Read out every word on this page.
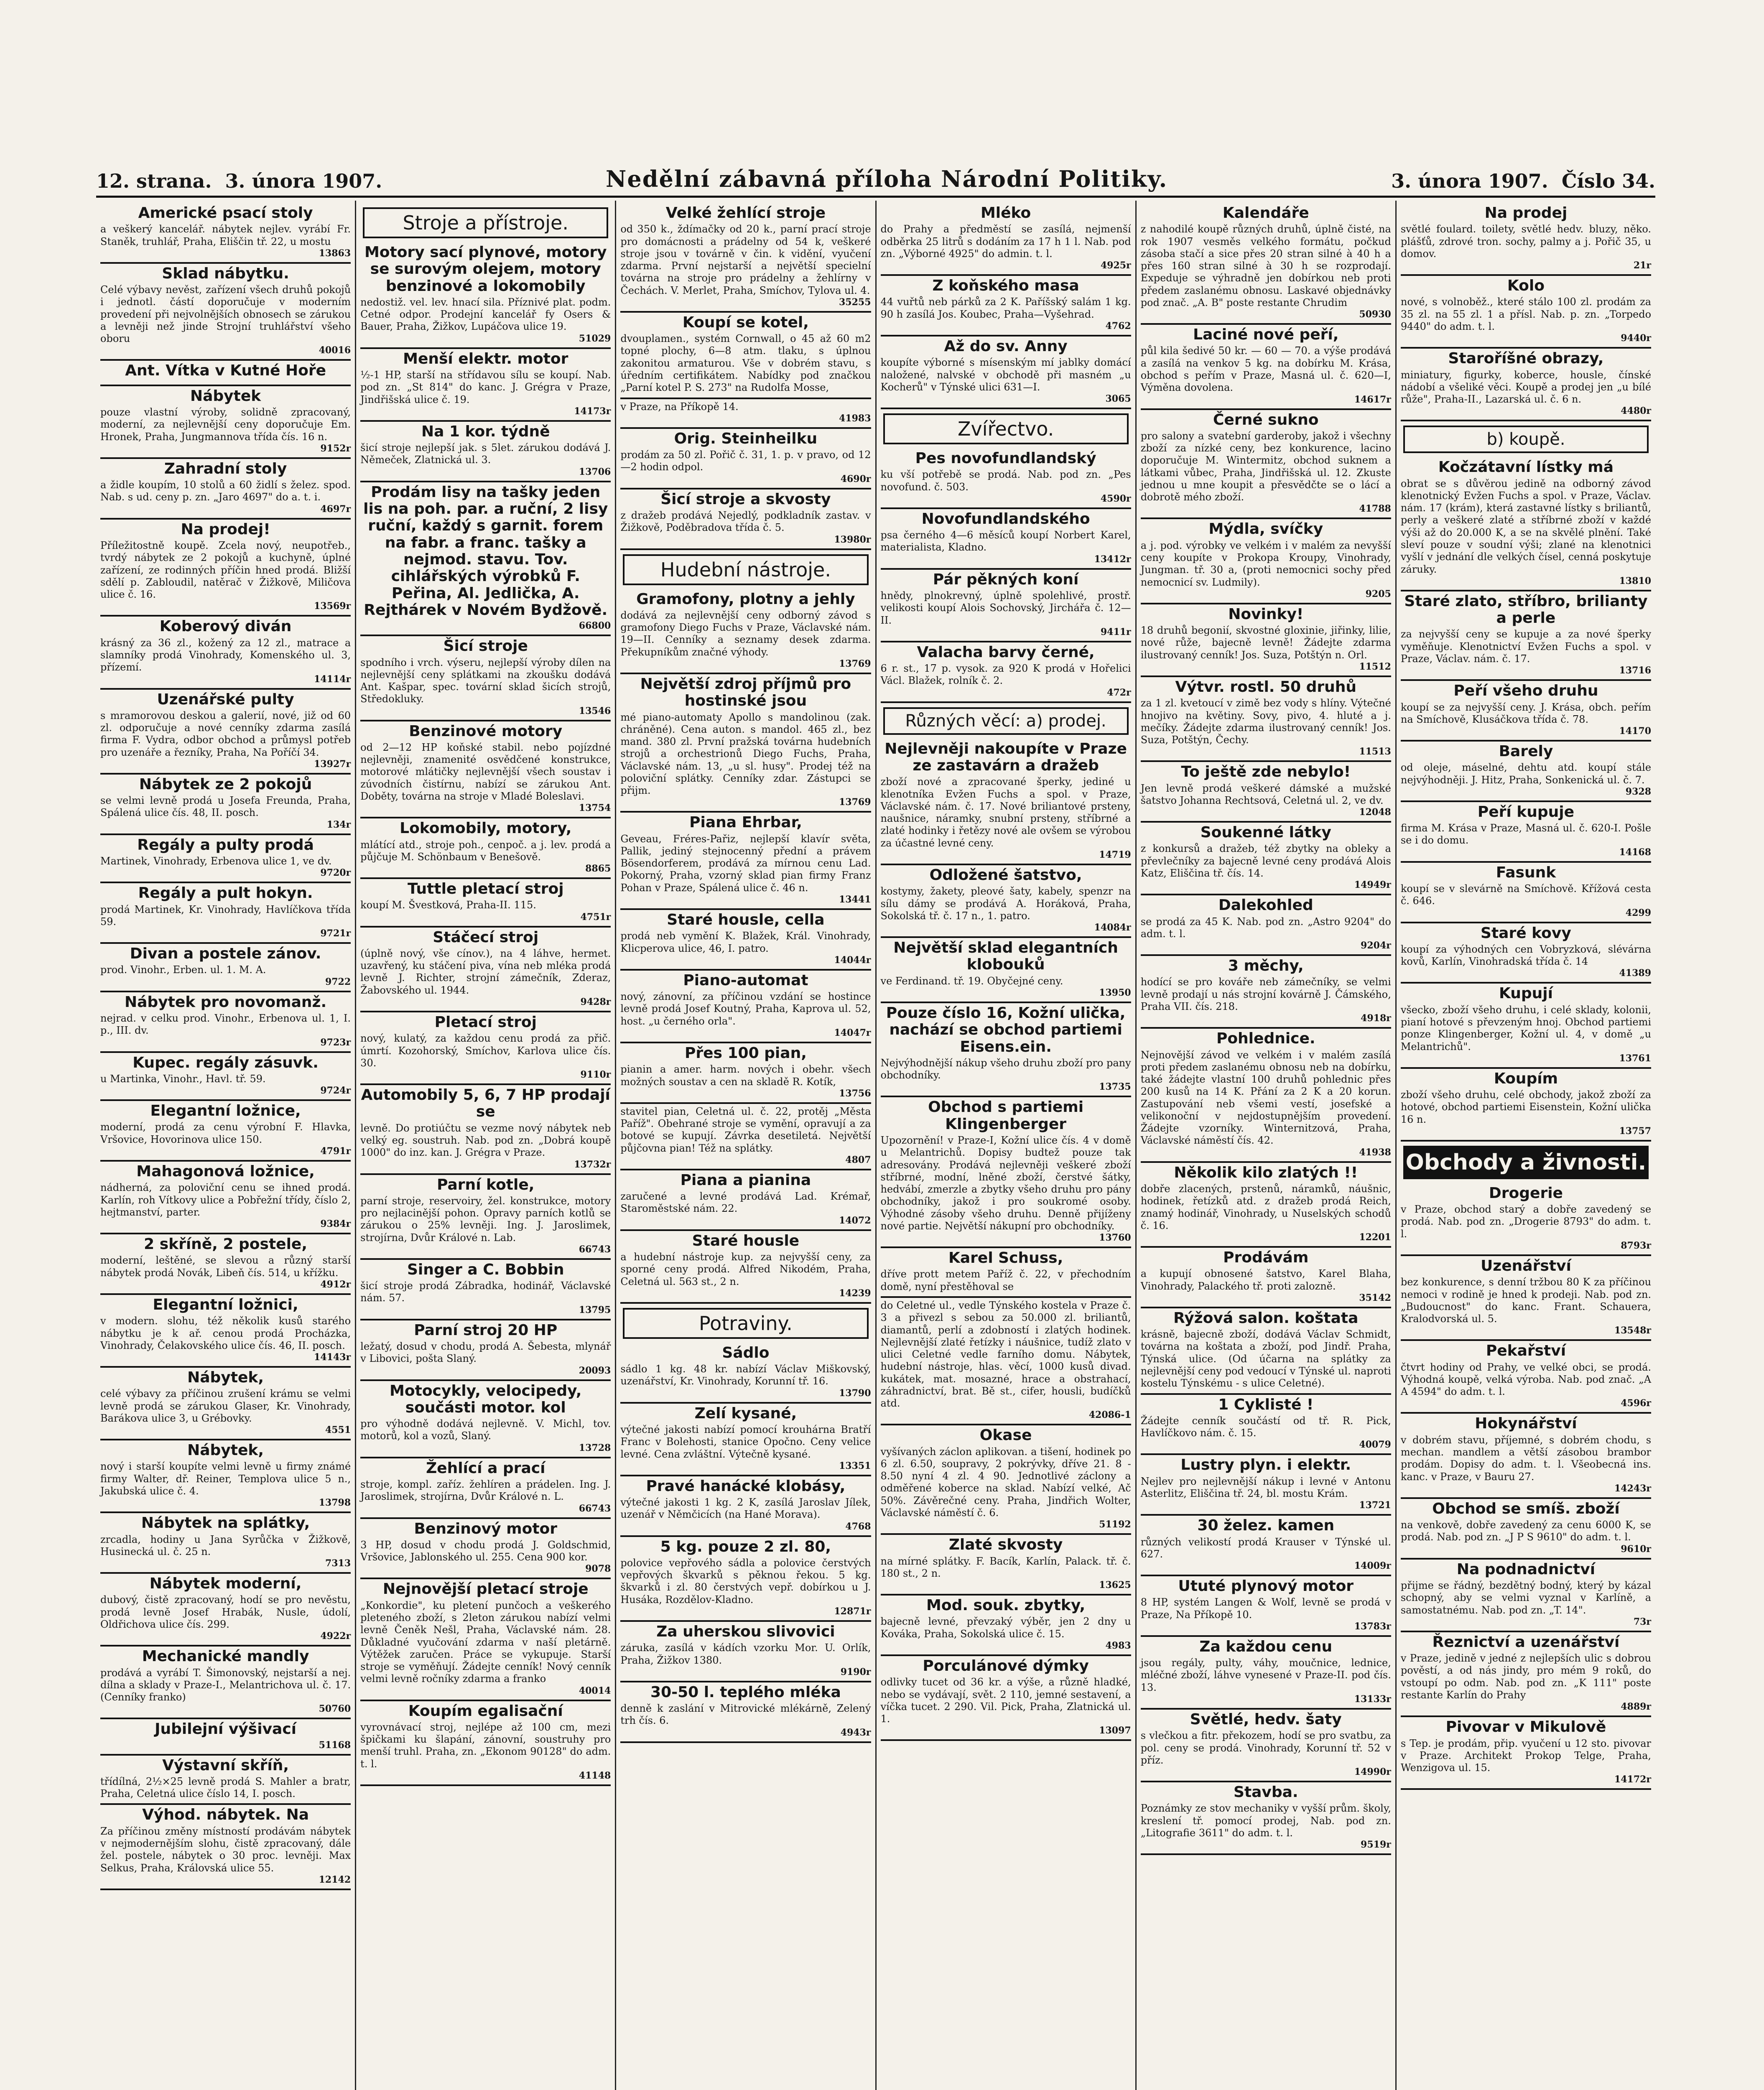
12. strana. 3. února 1907.	Nedělní zábavná příloha Národní Politiky.	3. února 1907. Číslo 34.
Americké psací stoly
a veškerý kancelář. nábytek nejlev. vyrábí Fr. Staněk, truhlář, Praha, Eliščin tř. 22, u mostu
13863
Sklad nábytku.
Celé výbavy nevěst, zařízení všech druhů pokojů i jednotl. částí doporučuje v moderním provedení při nejvolnějších obnosech se zárukou a levněji než jinde Strojní truhlářství všeho oboru
40016
Ant. Vítka v Kutné Hoře
Nábytek
pouze vlastní výroby, solidně zpracovaný, moderní, za nejlevnější ceny doporučuje Em. Hronek, Praha, Jungmannova třída čís. 16 n.
9152r
Zahradní stoly
a židle koupím, 10 stolů a 60 židlí s želez. spod. Nab. s ud. ceny p. zn. „Jaro 4697" do a. t. i.
4697r
Na prodej!
Příležitostně koupě. Zcela nový, neupotřeb., tvrdý nábytek ze 2 pokojů a kuchyně, úplné zařízení, ze rodinných příčin hned prodá. Bližší sdělí p. Zabloudil, natěrač v Žižkově, Miličova ulice č. 16.
13569r
Koberový diván
krásný za 36 zl., kožený za 12 zl., matrace a slamníky prodá Vinohrady, Komenského ul. 3, přízemí.
14114r
Uzenářské pulty
s mramorovou deskou a galerií, nové, již od 60 zl. odporučuje a nové cenníky zdarma zasílá firma F. Vydra, odbor obchod a průmysl potřeb pro uzenáře a řezníky, Praha, Na Poříčí 34.
13927r
Nábytek ze 2 pokojů
se velmi levně prodá u Josefa Freunda, Praha, Spálená ulice čís. 48, II. posch.
134r
Regály a pulty prodá
Martinek, Vinohrady, Erbenova ulice 1, ve dv.
9720r
Regály a pult hokyn.
prodá Martinek, Kr. Vinohrady, Havlíčkova třída 59.
9721r
Divan a postele zánov.
prod. Vinohr., Erben. ul. 1. M. A.
9722
Nábytek pro novomanž.
nejrad. v celku prod. Vinohr., Erbenova ul. 1, I. p., III. dv.
9723r
Kupec. regály zásuvk.
u Martinka, Vinohr., Havl. tř. 59.
9724r
Elegantní ložnice,
moderní, prodá za cenu výrobní F. Hlavka, Vršovice, Hovorinova ulice 150.
4791r
Mahagonová ložnice,
nádherná, za poloviční cenu se ihned prodá. Karlín, roh Vítkovy ulice a Pobřežní třídy, číslo 2, hejtmanství, parter.
9384r
2 skříně, 2 postele,
moderní, leštěné, se slevou a různý starší nábytek prodá Novák, Libeň čís. 514, u křížku.
4912r
Elegantní ložnici,
v modern. slohu, též několik kusů starého nábytku je k ař. cenou prodá Procházka, Vinohrady, Čelakovského ulice čís. 46, II. posch.
14143r
Nábytek,
celé výbavy za příčinou zrušení krámu se velmi levně prodá se zárukou Glaser, Kr. Vinohrady, Barákova ulice 3, u Grébovky.
4551
Nábytek,
nový i starší koupíte velmi levně u firmy známé firmy Walter, dř. Reiner, Templova ulice 5 n., Jakubská ulice č. 4.
13798
Nábytek na splátky,
zrcadla, hodiny u Jana Syrůčka v Žižkově, Husinecká ul. č. 25 n.
7313
Nábytek moderní,
dubový, čistě zpracovaný, hodí se pro nevěstu, prodá levně Josef Hrabák, Nusle, údolí, Oldřichova ulice čís. 299.
4922r
Mechanické mandly
prodává a vyrábí T. Šimonovský, nejstarší a nej. dílna a sklady v Praze-I., Melantrichova ul. č. 17. (Cenníky franko)
50760
Jubilejní výšivací
51168
Výstavní skříň,
třídílná, 2½×25 levně prodá S. Mahler a bratr, Praha, Celetná ulice číslo 14, I. posch.
Výhod. nábytek. Na
Za příčinou změny místností prodávám nábytek v nejmodernějším slohu, čistě zpracovaný, dále žel. postele, nábytek o 30 proc. levněji. Max Selkus, Praha, Královská ulice 55.
12142
Stroje a přístroje.
Motory sací plynové, motory se surovým olejem, motory benzinové a lokomobily
nedostiž. vel. lev. hnací sila. Příznivé plat. podm. Cetné odpor. Prodejní kancelář fy Osers & Bauer, Praha, Žižkov, Lupáčova ulice 19.
51029
Menší elektr. motor
½-1 HP, starší na střídavou sílu se koupí. Nab. pod zn. „St 814" do kanc. J. Grégra v Praze, Jindřišská ulice č. 19.
14173r
Na 1 kor. týdně
šicí stroje nejlepší jak. s 5let. zárukou dodává J. Němeček, Zlatnická ul. 3.
13706
Prodám lisy na tašky jeden lis na poh. par. a ruční, 2 lisy ruční, každý s garnit. forem na fabr. a franc. tašky a nejmod. stavu. Tov. cihlářských výrobků F. Peřina, Al. Jedlička, A. Rejthárek v Novém Bydžově.
66800
Šicí stroje
spodního i vrch. výseru, nejlepší výroby dílen na nejlevnější ceny splátkami na zkoušku dodává Ant. Kašpar, spec. tovární sklad šicích strojů, Středokluky.
13546
Benzinové motory
od 2—12 HP koňské stabil. nebo pojízdné nejlevněji, znamenité osvědčené konstrukce, motorové mlátičky nejlevnější všech soustav i zúvodních čistírnu, nabízí se zárukou Ant. Doběty, továrna na stroje v Mladé Boleslavi.
13754
Lokomobily, motory,
mlátící atd., stroje poh., cenpoč. a j. lev. prodá a půjčuje M. Schönbaum v Benešově.
8865
Tuttle pletací stroj
koupí M. Švestková, Praha-II. 115.
4751r
Stáčecí stroj
(úplně nový, vše cínov.), na 4 láhve, hermet. uzavřený, ku stáčení piva, vína neb mléka prodá levně J. Richter, strojní zámečník, Zderaz, Žabovského ul. 1944.
9428r
Pletací stroj
nový, kulatý, za každou cenu prodá za přič. úmrtí. Kozohorský, Smíchov, Karlova ulice čís. 30.
9110r
Automobily 5, 6, 7 HP prodají se
levně. Do protiúčtu se vezme nový nábytek neb velký eg. soustruh. Nab. pod zn. „Dobrá koupě 1000" do inz. kan. J. Grégra v Praze.
13732r
Parní kotle,
parní stroje, reservoiry, žel. konstrukce, motory pro nejlacinější pohon. Opravy parních kotlů se zárukou o 25% levněji. Ing. J. Jaroslimek, strojírna, Dvůr Králové n. Lab.
66743
Singer a C. Bobbin
šicí stroje prodá Zábradka, hodinář, Václavské nám. 57.
13795
Parní stroj 20 HP
ležatý, dosud v chodu, prodá A. Šebesta, mlynář v Libovici, pošta Slaný.
20093
Motocykly, velocipedy, součásti motor. kol
pro výhodně dodává nejlevně. V. Michl, tov. motorů, kol a vozů, Slaný.
13728
Žehlící a prací
stroje, kompl. zaříz. žehlíren a prádelen. Ing. J. Jaroslimek, strojírna, Dvůr Králové n. L.
66743
Benzinový motor
3 HP, dosud v chodu prodá J. Goldschmid, Vršovice, Jablonského ul. 255. Cena 900 kor.
9078
Nejnovější pletací stroje
„Konkordie", ku pletení punčoch a veškerého pleteného zboží, s 2leton zárukou nabízí velmi levně Čeněk Nešl, Praha, Václavské nám. 28. Důkladné vyučování zdarma v naší pletárně. Výtěžek zaručen. Práce se vykupuje. Starší stroje se vyměňují. Žádejte cenník! Nový cenník velmi levně ročníky zdarma a franko
40014
Koupím egalisační
vyrovnávací stroj, nejlépe až 100 cm, mezi špičkami ku šlapání, zánovní, soustruhy pro menší truhl. Praha, zn. „Ekonom 90128" do adm. t. l.
41148
Velké žehlící stroje
od 350 k., ždímačky od 20 k., parní prací stroje pro domácnosti a prádelny od 54 k, veškeré stroje jsou v továrně v čin. k vidění, vyučení zdarma. První nejstarší a největší specielní továrna na stroje pro prádelny a žehlírny v Čechách. V. Merlet, Praha, Smíchov, Tylova ul. 4.
35255
Koupí se kotel,
dvouplamen., systém Cornwall, o 45 až 60 m2 topné plochy, 6—8 atm. tlaku, s úplnou zakonitou armaturou. Vše v dobrém stavu, s úředním certifikátem. Nabídky pod značkou „Parní kotel P. S. 273" na Rudolfa Mosse,
v Praze, na Příkopě 14.
41983
Orig. Steinheilku
prodám za 50 zl. Pořič č. 31, 1. p. v pravo, od 12—2 hodin odpol.
4690r
Šicí stroje a skvosty
z dražeb prodává Nejedlý, podkladník zastav. v Žižkově, Poděbradova třída č. 5.
13980r
Hudební nástroje.
Gramofony, plotny a jehly
dodává za nejlevnější ceny odborný závod s gramofony Diego Fuchs v Praze, Václavské nám. 19—II. Cenníky a seznamy desek zdarma. Překupníkům značné výhody.
13769
Největší zdroj příjmů pro hostinské jsou
mé piano-automaty Apollo s mandolinou (zak. chráněné). Cena auton. s mandol. 465 zl., bez mand. 380 zl. První pražská továrna hudebních strojů a orchestrionů Diego Fuchs, Praha, Václavské nám. 13, „u sl. husy". Prodej též na poloviční splátky. Cenníky zdar. Zástupci se přijm.
13769
Piana Ehrbar,
Geveau, Fréres-Pařiz, nejlepší klavír světa, Pallik, jediný stejnocenný přední a právem Bösendorferem, prodává za mírnou cenu Lad. Pokorný, Praha, vzorný sklad pian firmy Franz Pohan v Praze, Spálená ulice č. 46 n.
13441
Staré housle, cella
prodá neb vymění K. Blažek, Král. Vinohrady, Klicperova ulice, 46, I. patro.
14044r
Piano-automat
nový, zánovní, za příčinou vzdání se hostince levně prodá Josef Koutný, Praha, Kaprova ul. 52, host. „u černého orla".
14047r
Přes 100 pian,
pianin a amer. harm. nových i obehr. všech možných soustav a cen na skladě R. Kotík,
13756
stavitel pian, Celetná ul. č. 22, protěj „Města Paříž". Obehrané stroje se vymění, opravují a za botové se kupují. Závrka desetiletá. Největší půjčovna pian! Též na splátky.
4807
Piana a pianina
zaručené a levné prodává Lad. Krémař, Staroměstské nám. 22.
14072
Staré housle
a hudební nástroje kup. za nejvyšší ceny, za sporné ceny prodá. Alfred Nikodém, Praha, Celetná ul. 563 st., 2 n.
14239
Potraviny.
Sádlo
sádlo 1 kg. 48 kr. nabízí Václav Miškovský, uzenářství, Kr. Vinohrady, Korunní tř. 16.
13790
Zelí kysané,
výtečné jakosti nabízí pomocí krouhárna Bratří Franc v Bolehosti, stanice Opočno. Ceny velice levné. Cena zvláštní. Výtečně kysané.
13351
Pravé hanácké klobásy,
výtečné jakosti 1 kg. 2 K, zasílá Jaroslav Jílek, uzenář v Němčicích (na Hané Morava).
4768
5 kg. pouze 2 zl. 80,
polovice vepřového sádla a polovice čerstvých vepřových škvarků s pěknou řekou. 5 kg. škvarků i zl. 80 čerstvých vepř. dobírkou u J. Husáka, Rozdělov-Kladno.
12871r
Za uherskou slivovici
záruka, zasílá v kádích vzorku Mor. U. Orlík, Praha, Žižkov 1380.
9190r
30-50 l. teplého mléka
denně k zaslání v Mitrovické mlékárně, Zelený trh čís. 6.
4943r
Mléko
do Prahy a předměstí se zasílá, nejmenší odběrka 25 litrů s dodáním za 17 h 1 l. Nab. pod zn. „Výborné 4925" do admin. t. l.
4925r
Z koňského masa
44 vuřtů neb párků za 2 K. Paříšský salám 1 kg. 90 h zasílá Jos. Koubec, Praha—Vyšehrad.
4762
Až do sv. Anny
koupíte výborné s mísenským mí jablky domácí naložené, nalvské v obchodě při masném „u Kocherů" v Týnské ulici 631—I.
3065
Zvířectvo.
Pes novofundlandský
ku vší potřebě se prodá. Nab. pod zn. „Pes novofund. č. 503.
4590r
Novofundlandského
psa černého 4—6 měsíců koupí Norbert Karel, materialista, Kladno.
13412r
Pár pěkných koní
hnědy, plnokrevný, úplně spolehlivé, prostř. velikosti koupí Alois Sochovský, Jirchářa č. 12—II.
9411r
Valacha barvy černé,
6 r. st., 17 p. vysok. za 920 K prodá v Hořelici Václ. Blažek, rolník č. 2.
472r
Různých věcí: a) prodej.
Nejlevněji nakoupíte v Praze ze zastavárn a dražeb
zboží nové a zpracované šperky, jediné u klenotníka Evžen Fuchs a spol. v Praze, Václavské nám. č. 17. Nové briliantové prsteny, naušnice, náramky, snubní prsteny, stříbrné a zlaté hodinky i řetězy nové ale ovšem se výrobou za účastné levné ceny.
14719
Odložené šatstvo,
kostymy, žakety, pleové šaty, kabely, spenzr na sílu dámy se prodává A. Horáková, Praha, Sokolská tř. č. 17 n., 1. patro.
14084r
Největší sklad elegantních klobouků
ve Ferdinand. tř. 19. Obyčejné ceny.
13950
Pouze číslo 16, Kožní ulička, nachází se obchod partiemi Eisens.ein.
Nejvýhodnější nákup všeho druhu zboží pro pany obchodníky.
13735
Obchod s partiemi Klingenberger
Upozornění! v Praze-I, Kožní ulice čís. 4 v domě u Melantrichů. Dopisy budtež pouze tak adresovány. Prodává nejlevněji veškeré zboží stříbrné, modní, lněné zboží, čerstvé šátky, hedvábí, zmerzle a zbytky všeho druhu pro pány obchodníky, jakož i pro soukromé osoby. Výhodné zásoby všeho druhu. Denně přijíženy nové partie. Největší nákupní pro obchodníky.
13760
Karel Schuss,
dříve prott metem Paříž č. 22, v přechodním domě, nyní přestěhoval se
do Celetné ul., vedle Týnského kostela v Praze č. 3 a přivezl s sebou za 50.000 zl. briliantů, diamantů, perlí a zdobností i zlatých hodinek. Nejlevnější zlaté řetízky i náušnice, tudíž zlato v ulici Celetné vedle farního domu. Nábytek, hudební nástroje, hlas. věcí, 1000 kusů divad. kukátek, mat. mosazné, hrace a obstrahací, záhradnictví, brat. Bě st., cifer, housli, budíčků atd.
42086-1
Okase
vyšívaných záclon aplikovan. a tišení, hodinek po 6 zl. 6.50, soupravy, 2 pokrývky, dříve 21. 8 - 8.50 nyní 4 zl. 4 90. Jednotlivé záclony a odměřené koberce na sklad. Nabízí velké, Ač 50%. Závěrečné ceny. Praha, Jindřich Wolter, Václavské náměstí č. 6.
51192
Zlaté skvosty
na mírné splátky. F. Bacík, Karlín, Palack. tř. č. 180 st., 2 n.
13625
Mod. souk. zbytky,
bajecně levné, převzaký výběr, jen 2 dny u Kováka, Praha, Sokolská ulice č. 15.
4983
Porculánové dýmky
odlivky tucet od 36 kr. a výše, a různě hladké, nebo se vydávají, svět. 2 110, jemné sestavení, a víčka tucet. 2 290. Vil. Pick, Praha, Zlatnická ul. 1.
13097
Kalendáře
z nahodilé koupě různých druhů, úplně čisté, na rok 1907 vesměs velkého formátu, počkud zásoba stačí a sice přes 20 stran silné à 40 h a přes 160 stran silné à 30 h se rozprodají. Expeduje se výhradně jen dobírkou neb proti předem zaslanému obnosu. Laskavé objednávky pod znač. „A. B" poste restante Chrudim
50930
Laciné nové peří,
půl kila šedivé 50 kr. — 60 — 70. a výše prodává a zasílá na venkov 5 kg. na dobírku M. Krása, obchod s peřím v Praze, Masná ul. č. 620—I, Výměna dovolena.
14617r
Černé sukno
pro salony a svatební garderoby, jakož i všechny zboží za nízké ceny, bez konkurence, lacino doporučuje M. Wintermitz, obchod suknem a látkami vůbec, Praha, Jindřišská ul. 12. Zkuste jednou u mne koupit a přesvědčte se o lácí a dobrotě mého zboží.
41788
Mýdla, svíčky
a j. pod. výrobky ve velkém i v malém za nevyšší ceny koupíte v Prokopa Kroupy, Vinohrady, Jungman. tř. 30 a, (proti nemocnici sochy před nemocnicí sv. Ludmily).
9205
Novinky!
18 druhů begonií, skvostné gloxinie, jiřinky, lilie, nové růže, bajecně levně! Žádejte zdarma ilustrovaný cenník! Jos. Suza, Potštýn n. Orl.
11512
Výtvr. rostl. 50 druhů
za 1 zl. kvetoucí v zimě bez vody s hlíny. Výtečné hnojivo na květiny. Sovy, pivo, 4. hluté a j. mečíky. Žádejte zdarma ilustrovaný cenník! Jos. Suza, Potštýn, Čechy.
11513
To ještě zde nebylo!
Jen levně prodá veškeré dámské a mužské šatstvo Johanna Rechtsová, Celetná ul. 2, ve dv.
12048
Soukenné látky
z konkursů a dražeb, též zbytky na obleky a převlečníky za bajecně levné ceny prodává Alois Katz, Eliščina tř. čís. 14.
14949r
Dalekohled
se prodá za 45 K. Nab. pod zn. „Astro 9204" do adm. t. l.
9204r
3 měchy,
hodící se pro kováře neb zámečníky, se velmi levně prodají u nás strojní kovárně J. Čámského, Praha VII. čís. 218.
4918r
Pohlednice.
Nejnovější závod ve velkém i v malém zasílá proti předem zaslanému obnosu neb na dobírku, také žádejte vlastní 100 druhů pohlednic přes 200 kusů na 14 K. Přání za 2 K a 20 korun. Zastupování neb všemi vestí, josefské a velikonoční v nejdostupnějším provedení. Žádejte vzorníky. Winternitzová, Praha, Václavské náměstí čís. 42.
41938
Několik kilo zlatých !!
dobře zlacených, prstenů, náramků, náušnic, hodinek, řetízků atd. z dražeb prodá Reich, znamý hodinář, Vinohrady, u Nuselských schodů č. 16.
12201
Prodávám
a kupují obnosené šatstvo, Karel Blaha, Vinohrady, Palackého tř. proti zalozně.
35142
Rýžová salon. koštata
krásně, bajecně zboží, dodává Václav Schmidt, továrna na koštata a zboží, pod Jindř. Praha, Týnská ulice. (Od účarna na splátky za nejlevnější ceny pod vedoucí v Týnské ul. naproti kostelu Týnskému - s ulice Celetné).
1 Cyklisté !
Žádejte cenník součástí od tř. R. Pick, Havlíčkovo nám. č. 15.
40079
Lustry plyn. i elektr.
Nejlev pro nejlevnější nákup i levné v Antonu Asterlitz, Eliščina tř. 24, bl. mostu Krám.
13721
30 želez. kamen
různých velikostí prodá Krauser v Týnské ul. 627.
14009r
Ututé plynový motor
8 HP, systém Langen & Wolf, levně se prodá v Praze, Na Příkopě 10.
13783r
Za každou cenu
jsou regály, pulty, váhy, moučnice, lednice, mléčné zboží, láhve vynesené v Praze-II. pod čís. 13.
13133r
Světlé, hedv. šaty
s vlečkou a fitr. překozem, hodí se pro svatbu, za pol. ceny se prodá. Vinohrady, Korunní tř. 52 v příz.
14990r
Stavba.
Poznámky ze stov mechaniky v vyšší prům. školy, kreslení tř. pomocí prodej, Nab. pod zn. „Litografie 3611" do adm. t. l.
9519r
Na prodej
světlé foulard. toilety, světlé hedv. bluzy, něko. plášťů, zdrové tron. sochy, palmy a j. Pořič 35, u domov.
21r
Kolo
nové, s volnoběž., které stálo 100 zl. prodám za 35 zl. na 55 zl. 1 a přísl. Nab. p. zn. „Torpedo 9440" do adm. t. l.
9440r
Staroříšné obrazy,
miniatury, figurky, koberce, housle, čínské nádobí a všeliké věci. Koupě a prodej jen „u bílé růže", Praha-II., Lazarská ul. č. 6 n.
4480r
b) koupě.
Kočzátavní lístky má
obrat se s důvěrou jedině na odborný závod klenotnický Evžen Fuchs a spol. v Praze, Václav. nám. 17 (krám), která zastavné lístky s briliantů, perly a veškeré zlaté a stříbrné zboží v každé výši až do 20.000 K, a se na skvělé plnění. Také sleví pouze v soudní výši; zlané na klenotnici vyšlí v jednání dle velkých čísel, cenná poskytuje záruky.
13810
Staré zlato, stříbro, brilianty a perle
za nejvyšší ceny se kupuje a za nové šperky vyměňuje. Klenotnictví Evžen Fuchs a spol. v Praze, Václav. nám. č. 17.
13716
Peří všeho druhu
koupí se za nejvyšší ceny. J. Krása, obch. peřím na Smíchově, Klusáčkova třída č. 78.
14170
Barely
od oleje, máselné, dehtu atd. koupí stále nejvýhodněji. J. Hitz, Praha, Sonkenická ul. č. 7.
9328
Peří kupuje
firma M. Krása v Praze, Masná ul. č. 620-I. Pošle se i do domu.
14168
Fasunk
koupí se v slevárně na Smíchově. Křížová cesta č. 646.
4299
Staré kovy
koupí za výhodných cen Vobryzková, slévárna kovů, Karlín, Vinohradská třída č. 14
41389
Kupují
všecko, zboží všeho druhu, i celé sklady, kolonii, pianí hotové s převzeným hnoj. Obchod partiemi ponze Klingenberger, Kožní ul. 4, v domě „u Melantrichů".
13761
Koupím
zboží všeho druhu, celé obchody, jakož zboží za hotové, obchod partiemi Eisenstein, Kožní ulička 16 n.
13757
Obchody a živnosti.
Drogerie
v Praze, obchod starý a dobře zavedený se prodá. Nab. pod zn. „Drogerie 8793" do adm. t. l.
8793r
Uzenářství
bez konkurence, s denní tržbou 80 K za příčinou nemoci v rodině je hned k prodeji. Nab. pod zn. „Budoucnost" do kanc. Frant. Schauera, Kralodvorská ul. 5.
13548r
Pekařství
čtvrt hodiny od Prahy, ve velké obci, se prodá. Výhodná koupě, velká výroba. Nab. pod znač. „A A 4594" do adm. t. l.
4596r
Hokynářství
v dobrém stavu, příjemné, s dobrém chodu, s mechan. mandlem a větší zásobou brambor prodám. Dopisy do adm. t. l. Všeobecná ins. kanc. v Praze, v Bauru 27.
14243r
Obchod se smíš. zboží
na venkově, dobře zavedený za cenu 6000 K, se prodá. Nab. pod zn. „J P S 9610" do adm. t. l.
9610r
Na podnadnictví
přijme se řádný, bezdětný bodný, který by kázal schopný, aby se velmi vyznal v Karlíně, a samostatnému. Nab. pod zn. „T. 14".
73r
Řeznictví a uzenářství
v Praze, jedině v jedné z nejlepších ulic s dobrou pověstí, a od nás jindy, pro mém 9 roků, do vstoupí po odm. Nab. pod zn. „K 111" poste restante Karlín do Prahy
4889r
Pivovar v Mikulově
s Tep. je prodám, přip. vyučení u 12 sto. pivovar v Praze. Architekt Prokop Telge, Praha, Wenzigova ul. 15.
14172r
